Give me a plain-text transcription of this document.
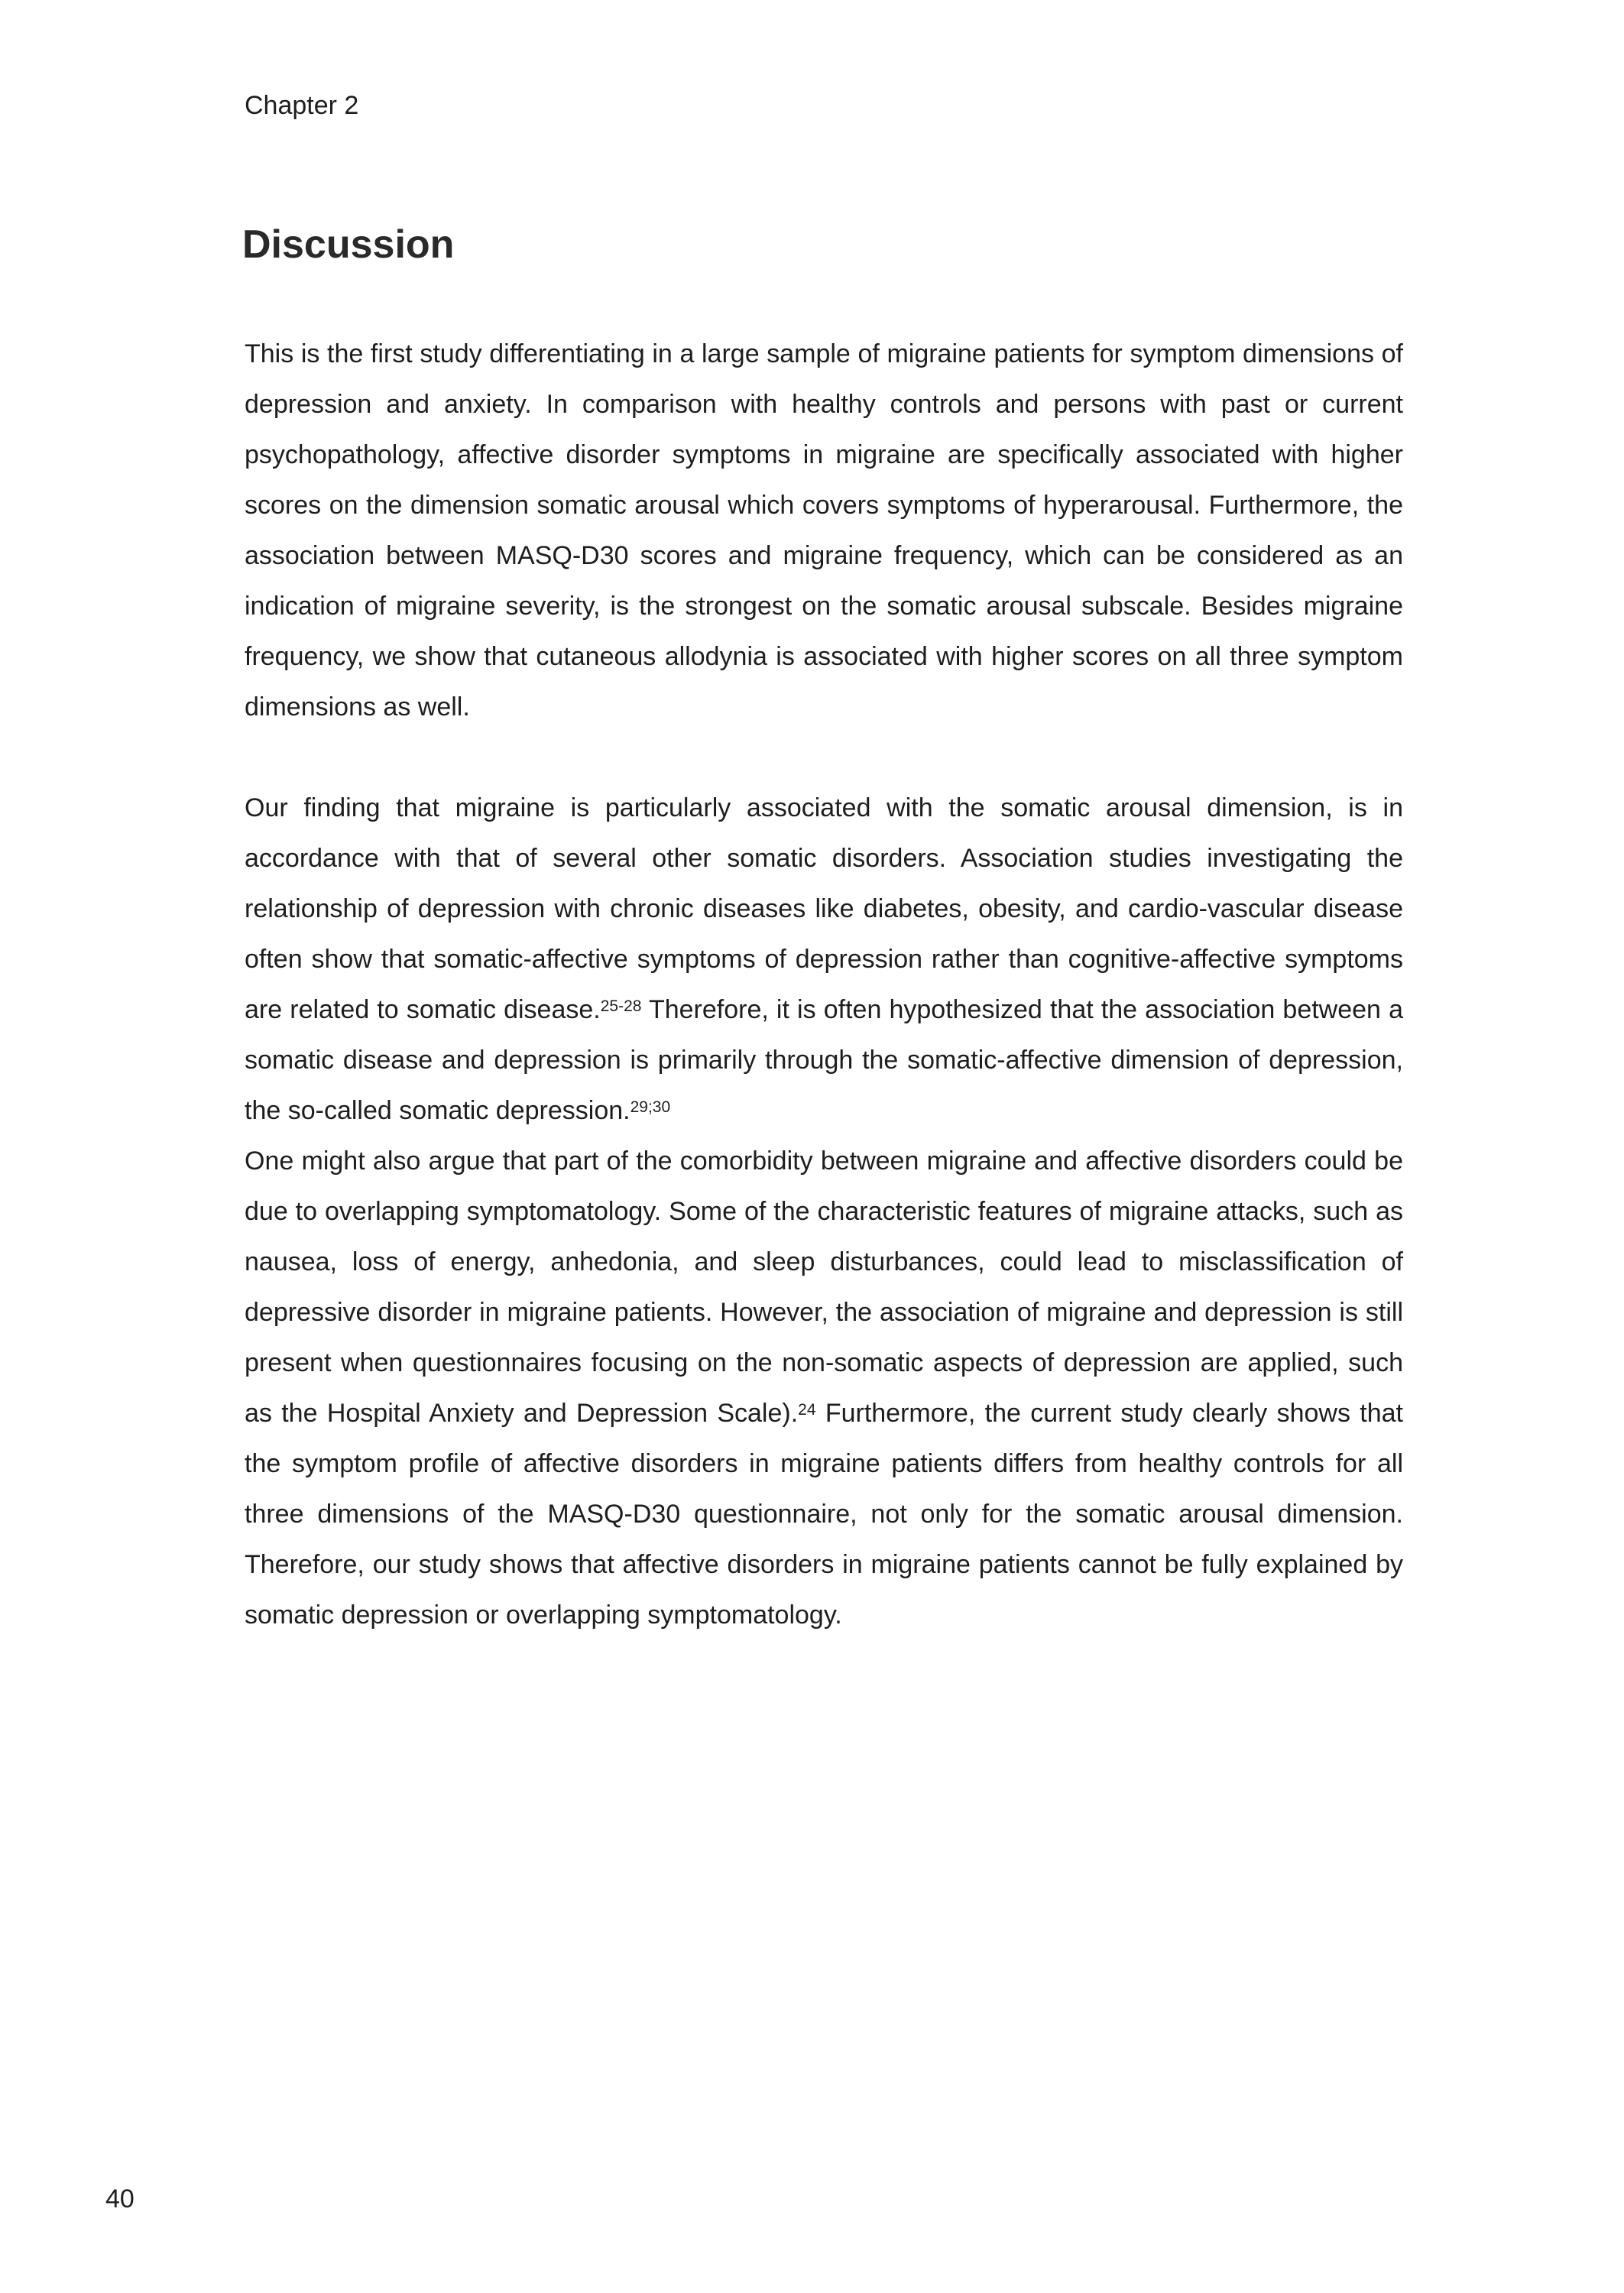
Chapter 2
Discussion

This is the first study differentiating in a large sample of migraine patients for symptom dimensions of depression and anxiety. In comparison with healthy controls and persons with past or current psychopathology, affective disorder symptoms in migraine are specifically associated with higher scores on the dimension somatic arousal which covers symptoms of hyperarousal. Furthermore, the association between MASQ-D30 scores and migraine frequency, which can be considered as an indication of migraine severity, is the strongest on the somatic arousal subscale. Besides migraine frequency, we show that cutaneous allodynia is associated with higher scores on all three symptom dimensions as well.

Our finding that migraine is particularly associated with the somatic arousal dimension, is in accordance with that of several other somatic disorders. Association studies investigating the relationship of depression with chronic diseases like diabetes, obesity, and cardio-vascular disease often show that somatic-affective symptoms of depression rather than cognitive-affective symptoms are related to somatic disease.$^{25-28}$ Therefore, it is often hypothesized that the association between a somatic disease and depression is primarily through the somatic-affective dimension of depression, the so-called somatic depression.$^{29;30}$

One might also argue that part of the comorbidity between migraine and affective disorders could be due to overlapping symptomatology. Some of the characteristic features of migraine attacks, such as nausea, loss of energy, anhedonia, and sleep disturbances, could lead to misclassification of depressive disorder in migraine patients. However, the association of migraine and depression is still present when questionnaires focusing on the non-somatic aspects of depression are applied, such as the Hospital Anxiety and Depression Scale).$^{24}$ Furthermore, the current study clearly shows that the symptom profile of affective disorders in migraine patients differs from healthy controls for all three dimensions of the MASQ-D30 questionnaire, not only for the somatic arousal dimension. Therefore, our study shows that affective disorders in migraine patients cannot be fully explained by somatic depression or overlapping symptomatology.

40
